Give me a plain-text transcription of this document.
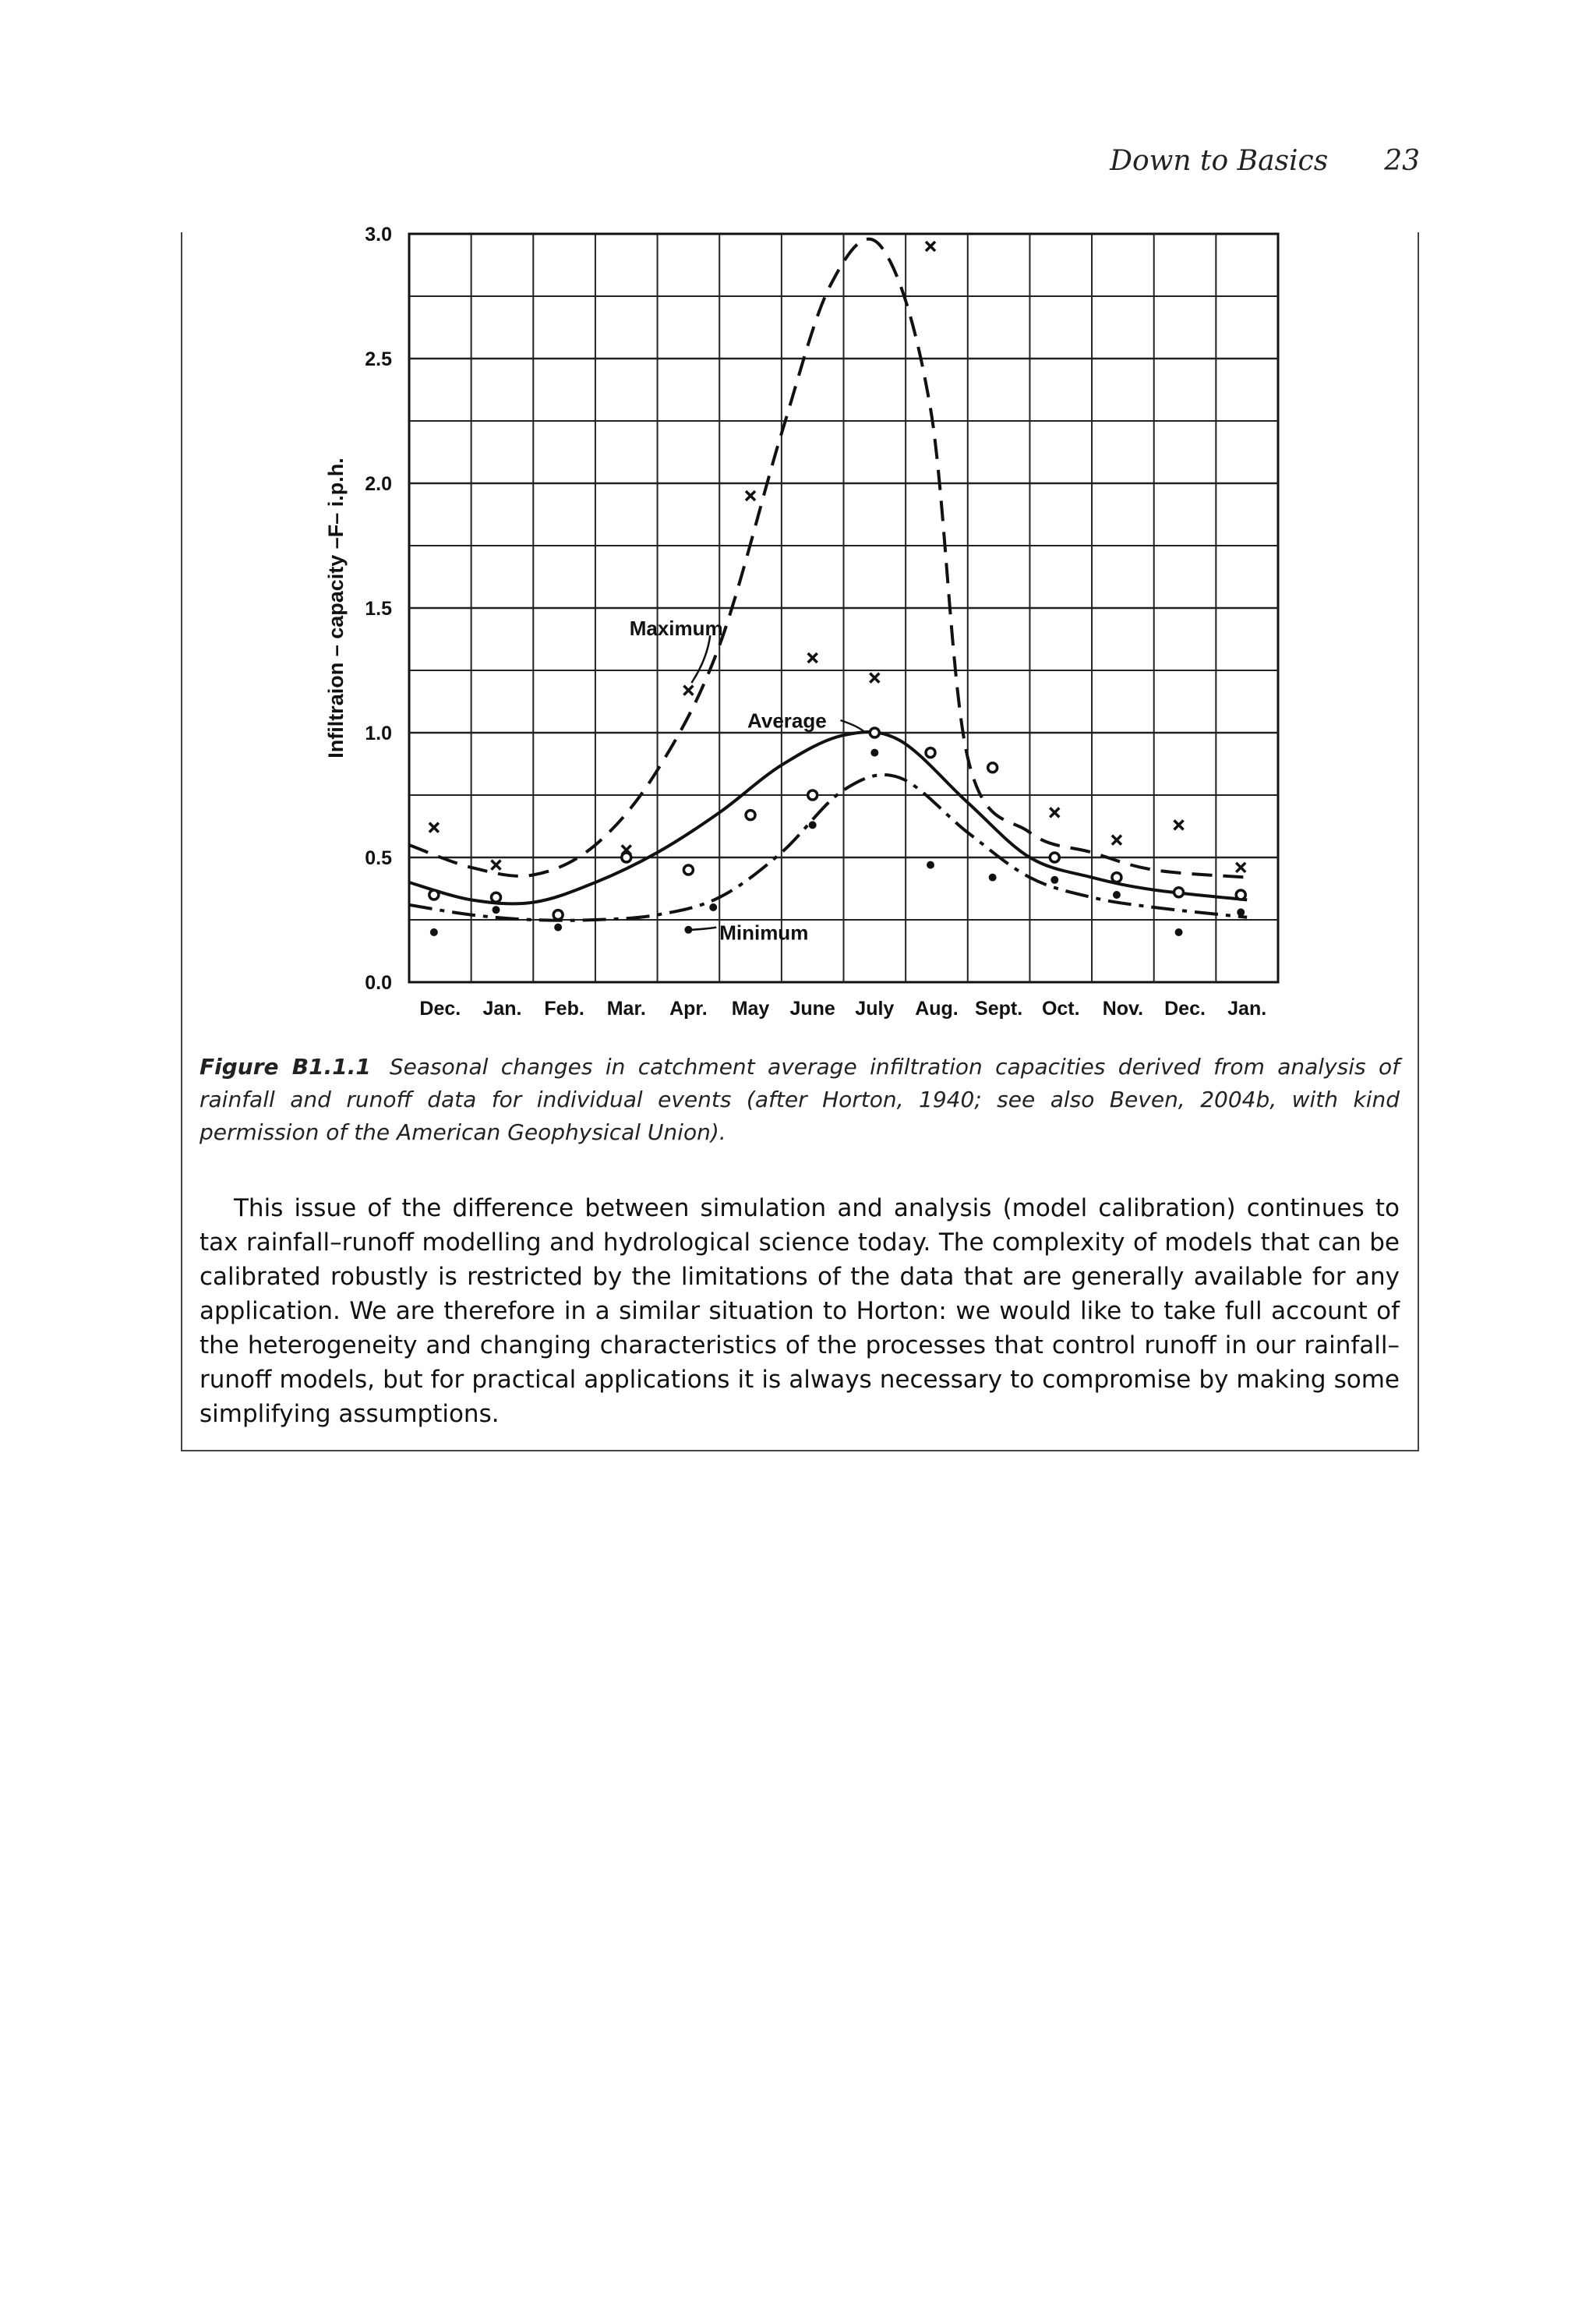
Down to Basics 23
0.0
0.5
1.0
1.5
2.0
2.5
3.0
Dec. Jan. Feb. Mar. Apr. May June July Aug. Sept. Oct. Nov. Dec. Jan.
Infiltraion – capacity –F– i.p.h.	Maximum
Average
Minimum
Figure B1.1.1 Seasonal changes in catchment average infiltration capacities derived from analysis of rainfall and runoff data for individual events (after Horton, 1940; see also Beven, 2004b, with kind permission of the American Geophysical Union).

This issue of the difference between simulation and analysis (model calibration) continues to tax rainfall–runoff modelling and hydrological science today. The complexity of models that can be calibrated robustly is restricted by the limitations of the data that are generally available for any application. We are therefore in a similar situation to Horton: we would like to take full account of the heterogeneity and changing characteristics of the processes that control runoff in our rainfall–runoff models, but for practical applications it is always necessary to compromise by making some simplifying assumptions.
